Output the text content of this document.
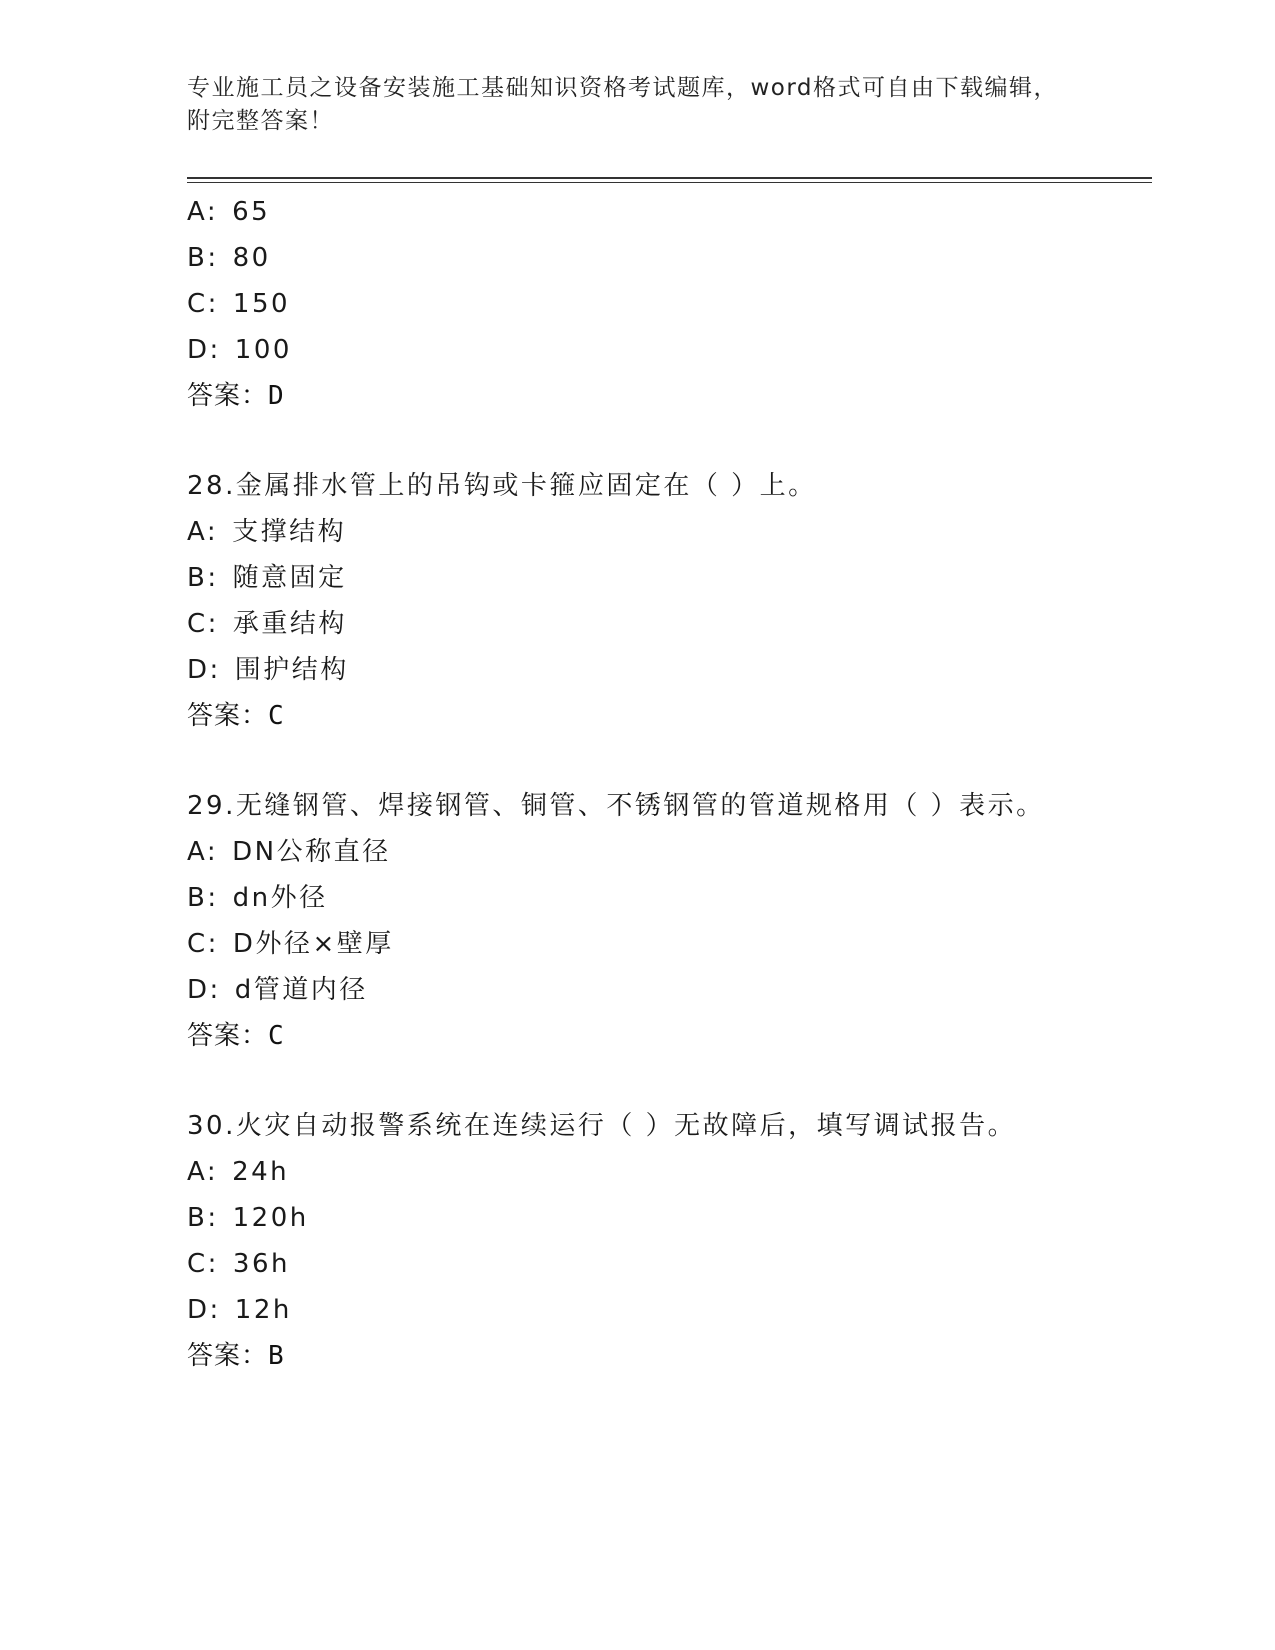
专业施工员之设备安装施工基础知识资格考试题库，word格式可自由下载编辑，
附完整答案！
A: 65
B: 80
C: 150
D: 100
答案：D
28.金属排水管上的吊钩或卡箍应固定在（ ）上。
A: 支撑结构
B: 随意固定
C: 承重结构
D: 围护结构
答案：C
29.无缝钢管、焊接钢管、铜管、不锈钢管的管道规格用（ ）表示。
A: DN公称直径
B: dn外径
C: D外径×壁厚
D: d管道内径
答案：C
30.火灾自动报警系统在连续运行（ ）无故障后，填写调试报告。
A: 24h
B: 120h
C: 36h
D: 12h
答案：B
